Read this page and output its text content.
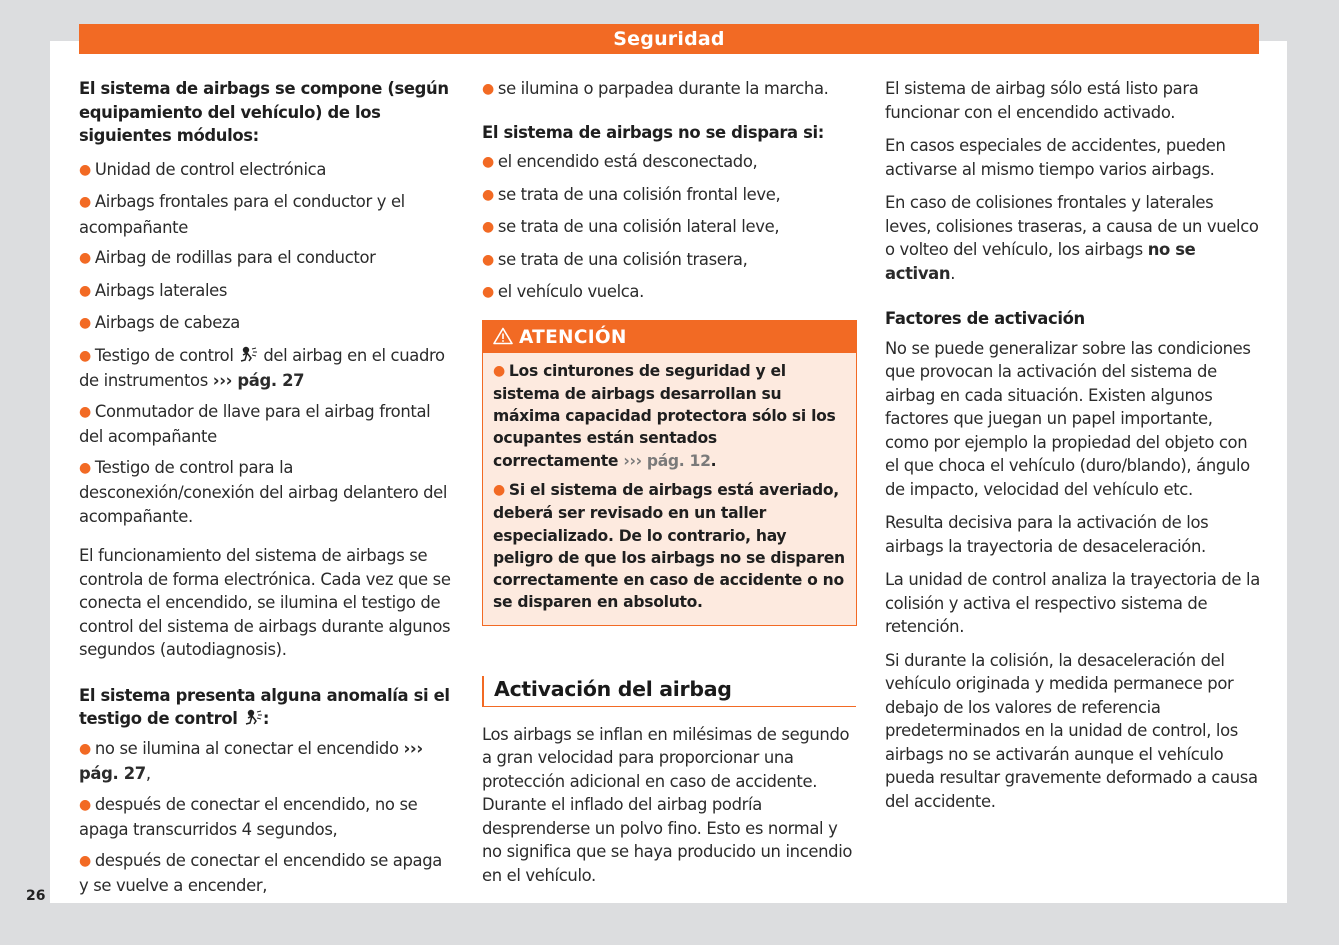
Seguridad

El sistema de airbags se compone (según equipamiento del vehículo) de los siguientes módulos:

● Unidad de control electrónica
● Airbags frontales para el conductor y el acompañante
● Airbag de rodillas para el conductor
● Airbags laterales
● Airbags de cabeza
● Testigo de control del airbag en el cuadro de instrumentos ››› pág. 27
● Conmutador de llave para el airbag frontal del acompañante
● Testigo de control para la desconexión/conexión del airbag delantero del acompañante.

El funcionamiento del sistema de airbags se controla de forma electrónica. Cada vez que se conecta el encendido, se ilumina el testigo de control del sistema de airbags durante algunos segundos (autodiagnosis).

El sistema presenta alguna anomalía si el testigo de control :

● no se ilumina al conectar el encendido ››› pág. 27,
● después de conectar el encendido, no se apaga transcurridos 4 segundos,
● después de conectar el encendido se apaga y se vuelve a encender,
● se ilumina o parpadea durante la marcha.

El sistema de airbags no se dispara si:

● el encendido está desconectado,
● se trata de una colisión frontal leve,
● se trata de una colisión lateral leve,
● se trata de una colisión trasera,
● el vehículo vuelca.
ATENCIÓN

● Los cinturones de seguridad y el sistema de airbags desarrollan su máxima capacidad protectora sólo si los ocupantes están sentados correctamente ››› pág. 12.

● Si el sistema de airbags está averiado, deberá ser revisado en un taller especializado. De lo contrario, hay peligro de que los airbags no se disparen correctamente en caso de accidente o no se disparen en absoluto.

Activación del airbag

Los airbags se inflan en milésimas de segundo a gran velocidad para proporcionar una protección adicional en caso de accidente. Durante el inflado del airbag podría desprenderse un polvo fino. Esto es normal y no significa que se haya producido un incendio en el vehículo.

El sistema de airbag sólo está listo para funcionar con el encendido activado.

En casos especiales de accidentes, pueden activarse al mismo tiempo varios airbags.

En caso de colisiones frontales y laterales leves, colisiones traseras, a causa de un vuelco o volteo del vehículo, los airbags no se activan.

Factores de activación

No se puede generalizar sobre las condiciones que provocan la activación del sistema de airbag en cada situación. Existen algunos factores que juegan un papel importante, como por ejemplo la propiedad del objeto con el que choca el vehículo (duro/blando), ángulo de impacto, velocidad del vehículo etc.

Resulta decisiva para la activación de los airbags la trayectoria de desaceleración.

La unidad de control analiza la trayectoria de la colisión y activa el respectivo sistema de retención.

Si durante la colisión, la desaceleración del vehículo originada y medida permanece por debajo de los valores de referencia predeterminados en la unidad de control, los airbags no se activarán aunque el vehículo pueda resultar gravemente deformado a causa del accidente.

26
